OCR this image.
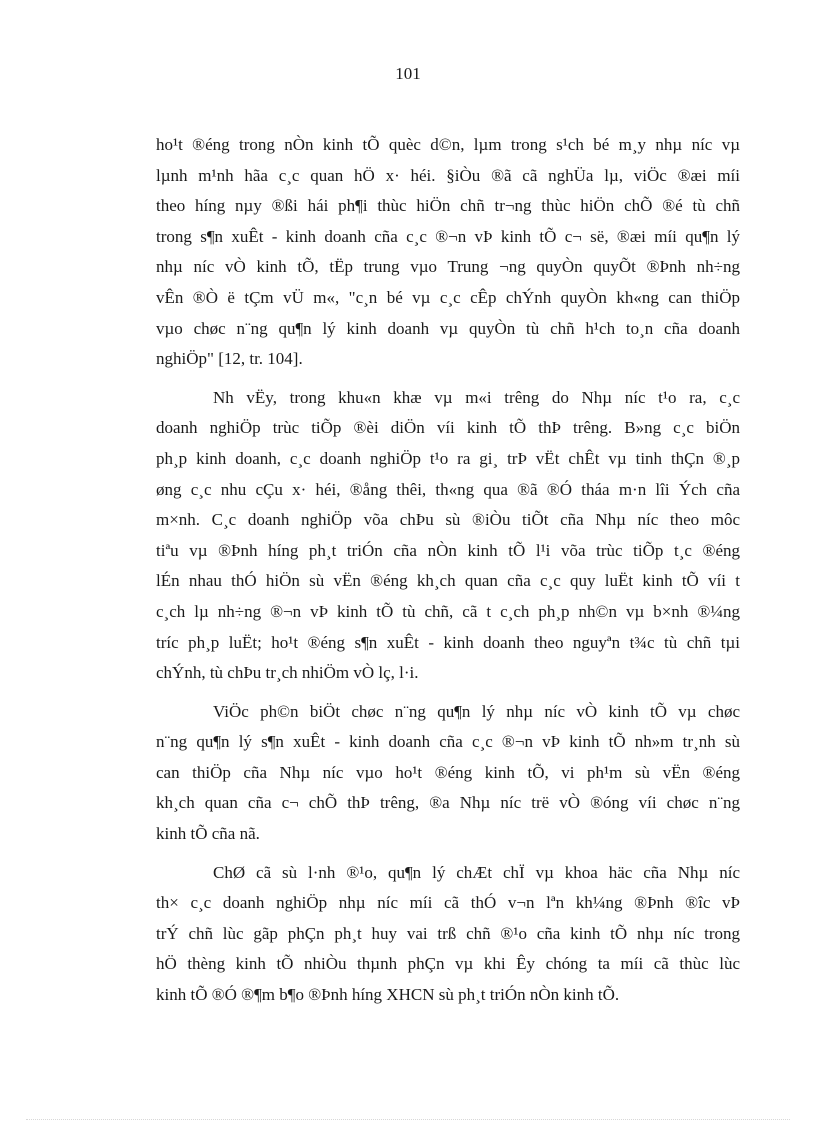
101
ho¹t ®éng trong nÒn kinh tÕ quèc d©n, lµm trong s¹ch bé m¸y nhµ níc vµ
lµnh m¹nh hãa c¸c quan hÖ x· héi. §iÒu ®ã cã nghÜa lµ, viÖc ®æi míi
theo híng nµy ®ßi hái ph¶i thùc hiÖn chñ tr¬ng thùc hiÖn chÕ ®é tù chñ
trong s¶n xuÊt - kinh doanh cña c¸c ®¬n vÞ kinh tÕ c¬ së, ®æi míi qu¶n lý
nhµ níc vÒ kinh tÕ, tËp trung vµo Trung ¬ng quyÒn quyÕt ®Þnh nh÷ng
vÊn ®Ò ë tÇm vÜ m«, "c¸n bé vµ c¸c cÊp chÝnh quyÒn kh«ng can thiÖp
vµo chøc n¨ng qu¶n lý kinh doanh vµ quyÒn tù chñ h¹ch to¸n cña doanh
nghiÖp" [12, tr. 104].
Nh vËy, trong khu«n khæ vµ m«i trêng do Nhµ níc t¹o ra, c¸c
doanh nghiÖp trùc tiÕp ®èi diÖn víi kinh tÕ thÞ trêng. B»ng c¸c biÖn
ph¸p kinh doanh, c¸c doanh nghiÖp t¹o ra gi¸ trÞ vËt chÊt vµ tinh thÇn ®¸p
øng c¸c nhu cÇu x· héi, ®ång thêi, th«ng qua ®ã ®Ó tháa m·n lîi Ých cña
m×nh. C¸c doanh nghiÖp võa chÞu sù ®iÒu tiÕt cña Nhµ níc theo môc
tiªu vµ ®Þnh híng ph¸t triÓn cña nÒn kinh tÕ l¹i võa trùc tiÕp t¸c ®éng
lÉn nhau thÓ hiÖn sù vËn ®éng kh¸ch quan cña c¸c quy luËt kinh tÕ víi t
c¸ch lµ nh÷ng ®¬n vÞ kinh tÕ tù chñ, cã t c¸ch ph¸p nh©n vµ b×nh ®¼ng
tríc ph¸p luËt; ho¹t ®éng s¶n xuÊt - kinh doanh theo nguyªn t¾c tù chñ tµi
chÝnh, tù chÞu tr¸ch nhiÖm vÒ lç, l·i.
ViÖc ph©n biÖt chøc n¨ng qu¶n lý nhµ níc vÒ kinh tÕ vµ chøc
n¨ng qu¶n lý s¶n xuÊt - kinh doanh cña c¸c ®¬n vÞ kinh tÕ nh»m tr¸nh sù
can thiÖp cña Nhµ níc vµo ho¹t ®éng kinh tÕ, vi ph¹m sù vËn ®éng
kh¸ch quan cña c¬ chÕ thÞ trêng, ®a Nhµ níc trë vÒ ®óng víi chøc n¨ng
kinh tÕ cña nã.
ChØ cã sù l·nh ®¹o, qu¶n lý chÆt chÏ vµ khoa häc cña Nhµ níc
th× c¸c doanh nghiÖp nhµ níc míi cã thÓ v¬n lªn kh¼ng ®Þnh ®îc vÞ
trÝ chñ lùc gãp phÇn ph¸t huy vai trß chñ ®¹o cña kinh tÕ nhµ níc trong
hÖ thèng kinh tÕ nhiÒu thµnh phÇn vµ khi Êy chóng ta míi cã thùc lùc
kinh tÕ ®Ó ®¶m b¶o ®Þnh híng XHCN sù ph¸t triÓn nÒn kinh tÕ.
